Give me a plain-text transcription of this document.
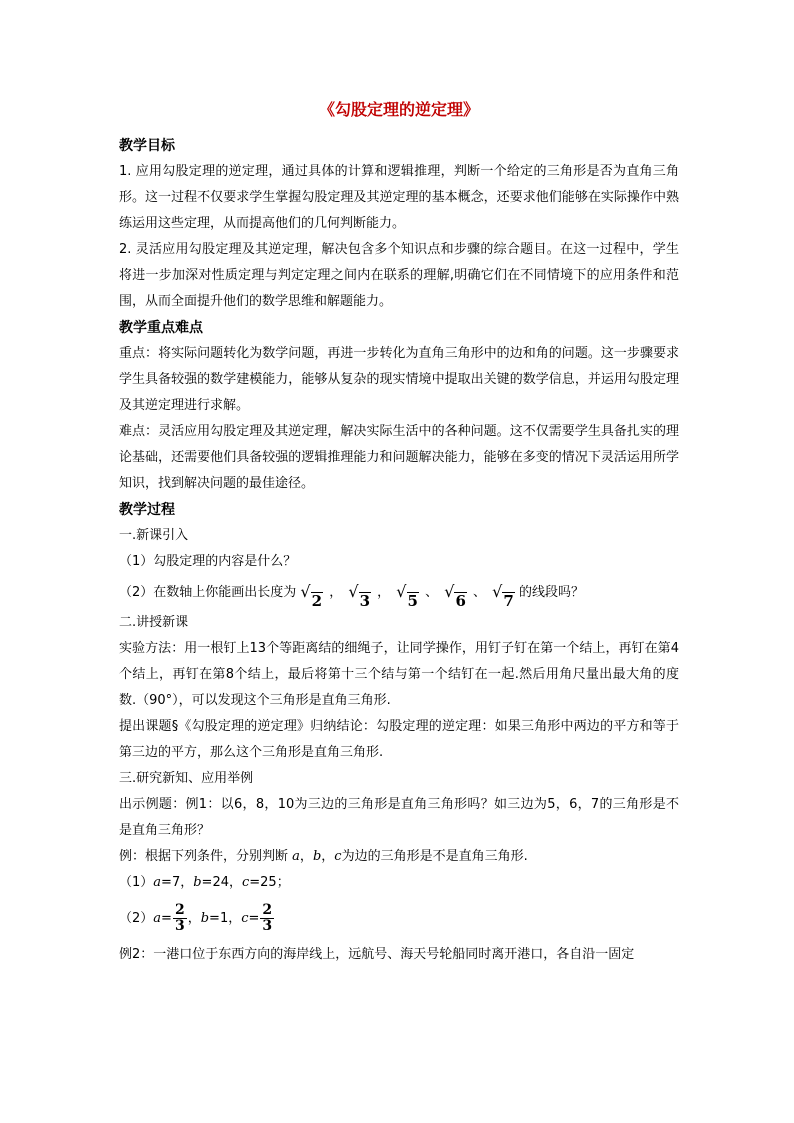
《勾股定理的逆定理》
教学目标

1. 应用勾股定理的逆定理，通过具体的计算和逻辑推理，判断一个给定的三角形是否为直角三角形。这一过程不仅要求学生掌握勾股定理及其逆定理的基本概念，还要求他们能够在实际操作中熟练运用这些定理，从而提高他们的几何判断能力。

2. 灵活应用勾股定理及其逆定理，解决包含多个知识点和步骤的综合题目。在这一过程中，学生将进一步加深对性质定理与判定定理之间内在联系的理解,明确它们在不同情境下的应用条件和范围，从而全面提升他们的数学思维和解题能力。

教学重点难点

重点：将实际问题转化为数学问题，再进一步转化为直角三角形中的边和角的问题。这一步骤要求学生具备较强的数学建模能力，能够从复杂的现实情境中提取出关键的数学信息，并运用勾股定理及其逆定理进行求解。

难点：灵活应用勾股定理及其逆定理，解决实际生活中的各种问题。这不仅需要学生具备扎实的理论基础，还需要他们具备较强的逻辑推理能力和问题解决能力，能够在多变的情况下灵活运用所学知识，找到解决问题的最佳途径。

教学过程

一.新课引入

（1）勾股定理的内容是什么？

（2）在数轴上你能画出长度为 √ 2 ， √ 3 ， √ 5 、 √ 6 、 √ 7 的线段吗？

二.讲授新课

实验方法：用一根钉上13个等距离结的细绳子，让同学操作，用钉子钉在第一个结上，再钉在第4个结上，再钉在第8个结上，最后将第十三个结与第一个结钉在一起.然后用角尺量出最大角的度数.（90°），可以发现这个三角形是直角三角形.

提出课题§《勾股定理的逆定理》归纳结论：勾股定理的逆定理：如果三角形中两边的平方和等于第三边的平方，那么这个三角形是直角三角形.

三.研究新知、应用举例

出示例题：例1：以6，8，10为三边的三角形是直角三角形吗？如三边为5，6，7的三角形是不是直角三角形？

例：根据下列条件，分别判断 a，b，c为边的三角形是不是直角三角形.

（1）a=7，b=24，c=25；

$(2)a= \frac{2}{3}$ ，b=1，$c= \frac{2}{3}$

例2：一港口位于东西方向的海岸线上，远航号、海天号轮船同时离开港口，各自沿一固定
